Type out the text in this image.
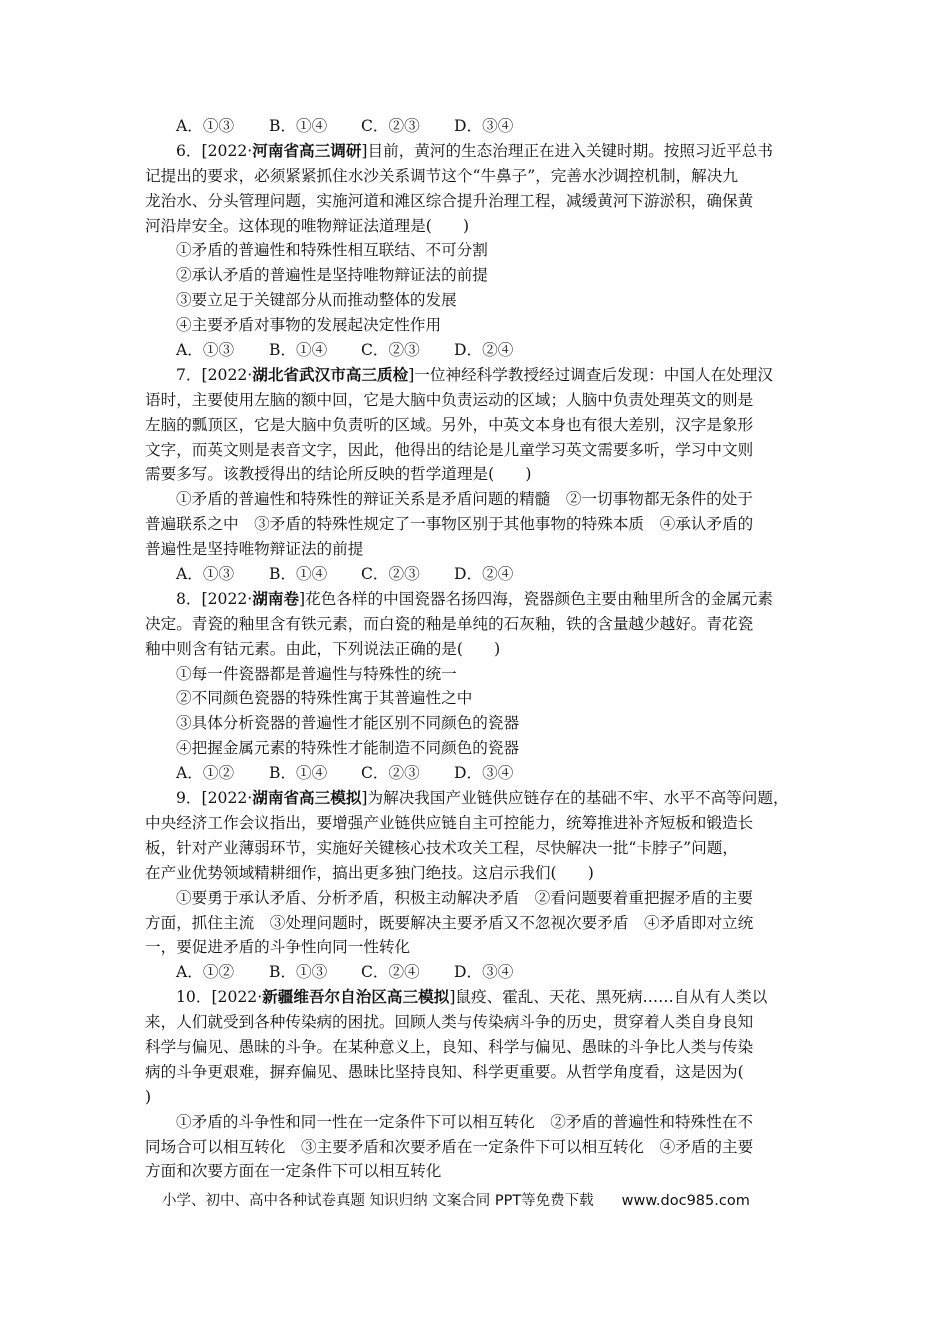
A．①③ B．①④ C．②③ D．③④
6．[2022·河南省高三调研]目前，黄河的生态治理正在进入关键时期。按照习近平总书
记提出的要求，必须紧紧抓住水沙关系调节这个“牛鼻子”，完善水沙调控机制，解决九
龙治水、分头管理问题，实施河道和滩区综合提升治理工程，减缓黄河下游淤积，确保黄
河沿岸安全。这体现的唯物辩证法道理是(　　)
①矛盾的普遍性和特殊性相互联结、不可分割
②承认矛盾的普遍性是坚持唯物辩证法的前提
③要立足于关键部分从而推动整体的发展
④主要矛盾对事物的发展起决定性作用
A．①③ B．①④ C．②③ D．②④
7．[2022·湖北省武汉市高三质检]一位神经科学教授经过调查后发现：中国人在处理汉
语时，主要使用左脑的额中回，它是大脑中负责运动的区域；人脑中负责处理英文的则是
左脑的瓢顶区，它是大脑中负责听的区域。另外，中英文本身也有很大差别，汉字是象形
文字，而英文则是表音文字，因此，他得出的结论是儿童学习英文需要多听，学习中文则
需要多写。该教授得出的结论所反映的哲学道理是(　　)
①矛盾的普遍性和特殊性的辩证关系是矛盾问题的精髓　②一切事物都无条件的处于
普遍联系之中　③矛盾的特殊性规定了一事物区别于其他事物的特殊本质　④承认矛盾的
普遍性是坚持唯物辩证法的前提
A．①③ B．①④ C．②③ D．②④
8．[2022·湖南卷]花色各样的中国瓷器名扬四海，瓷器颜色主要由釉里所含的金属元素
决定。青瓷的釉里含有铁元素，而白瓷的釉是单纯的石灰釉，铁的含量越少越好。青花瓷
釉中则含有钴元素。由此，下列说法正确的是(　　)
①每一件瓷器都是普遍性与特殊性的统一
②不同颜色瓷器的特殊性寓于其普遍性之中
③具体分析瓷器的普遍性才能区别不同颜色的瓷器
④把握金属元素的特殊性才能制造不同颜色的瓷器
A．①② B．①④ C．②③ D．③④
9．[2022·湖南省高三模拟]为解决我国产业链供应链存在的基础不牢、水平不高等问题，
中央经济工作会议指出，要增强产业链供应链自主可控能力，统筹推进补齐短板和锻造长
板，针对产业薄弱环节，实施好关键核心技术攻关工程，尽快解决一批“卡脖子”问题，
在产业优势领域精耕细作，搞出更多独门绝技。这启示我们(　　)
①要勇于承认矛盾、分析矛盾，积极主动解决矛盾　②看问题要着重把握矛盾的主要
方面，抓住主流　③处理问题时，既要解决主要矛盾又不忽视次要矛盾　④矛盾即对立统
一，要促进矛盾的斗争性向同一性转化
A．①② B．①③ C．②④ D．③④
10．[2022·新疆维吾尔自治区高三模拟]鼠疫、霍乱、天花、黑死病……自从有人类以
来，人们就受到各种传染病的困扰。回顾人类与传染病斗争的历史，贯穿着人类自身良知
科学与偏见、愚昧的斗争。在某种意义上，良知、科学与偏见、愚昧的斗争比人类与传染
病的斗争更艰难，摒弃偏见、愚昧比坚持良知、科学更重要。从哲学角度看，这是因为(
)
①矛盾的斗争性和同一性在一定条件下可以相互转化　②矛盾的普遍性和特殊性在不
同场合可以相互转化　③主要矛盾和次要矛盾在一定条件下可以相互转化　④矛盾的主要
方面和次要方面在一定条件下可以相互转化
小学、初中、高中各种试卷真题 知识归纳 文案合同 PPT等免费下载 www.doc985.com
